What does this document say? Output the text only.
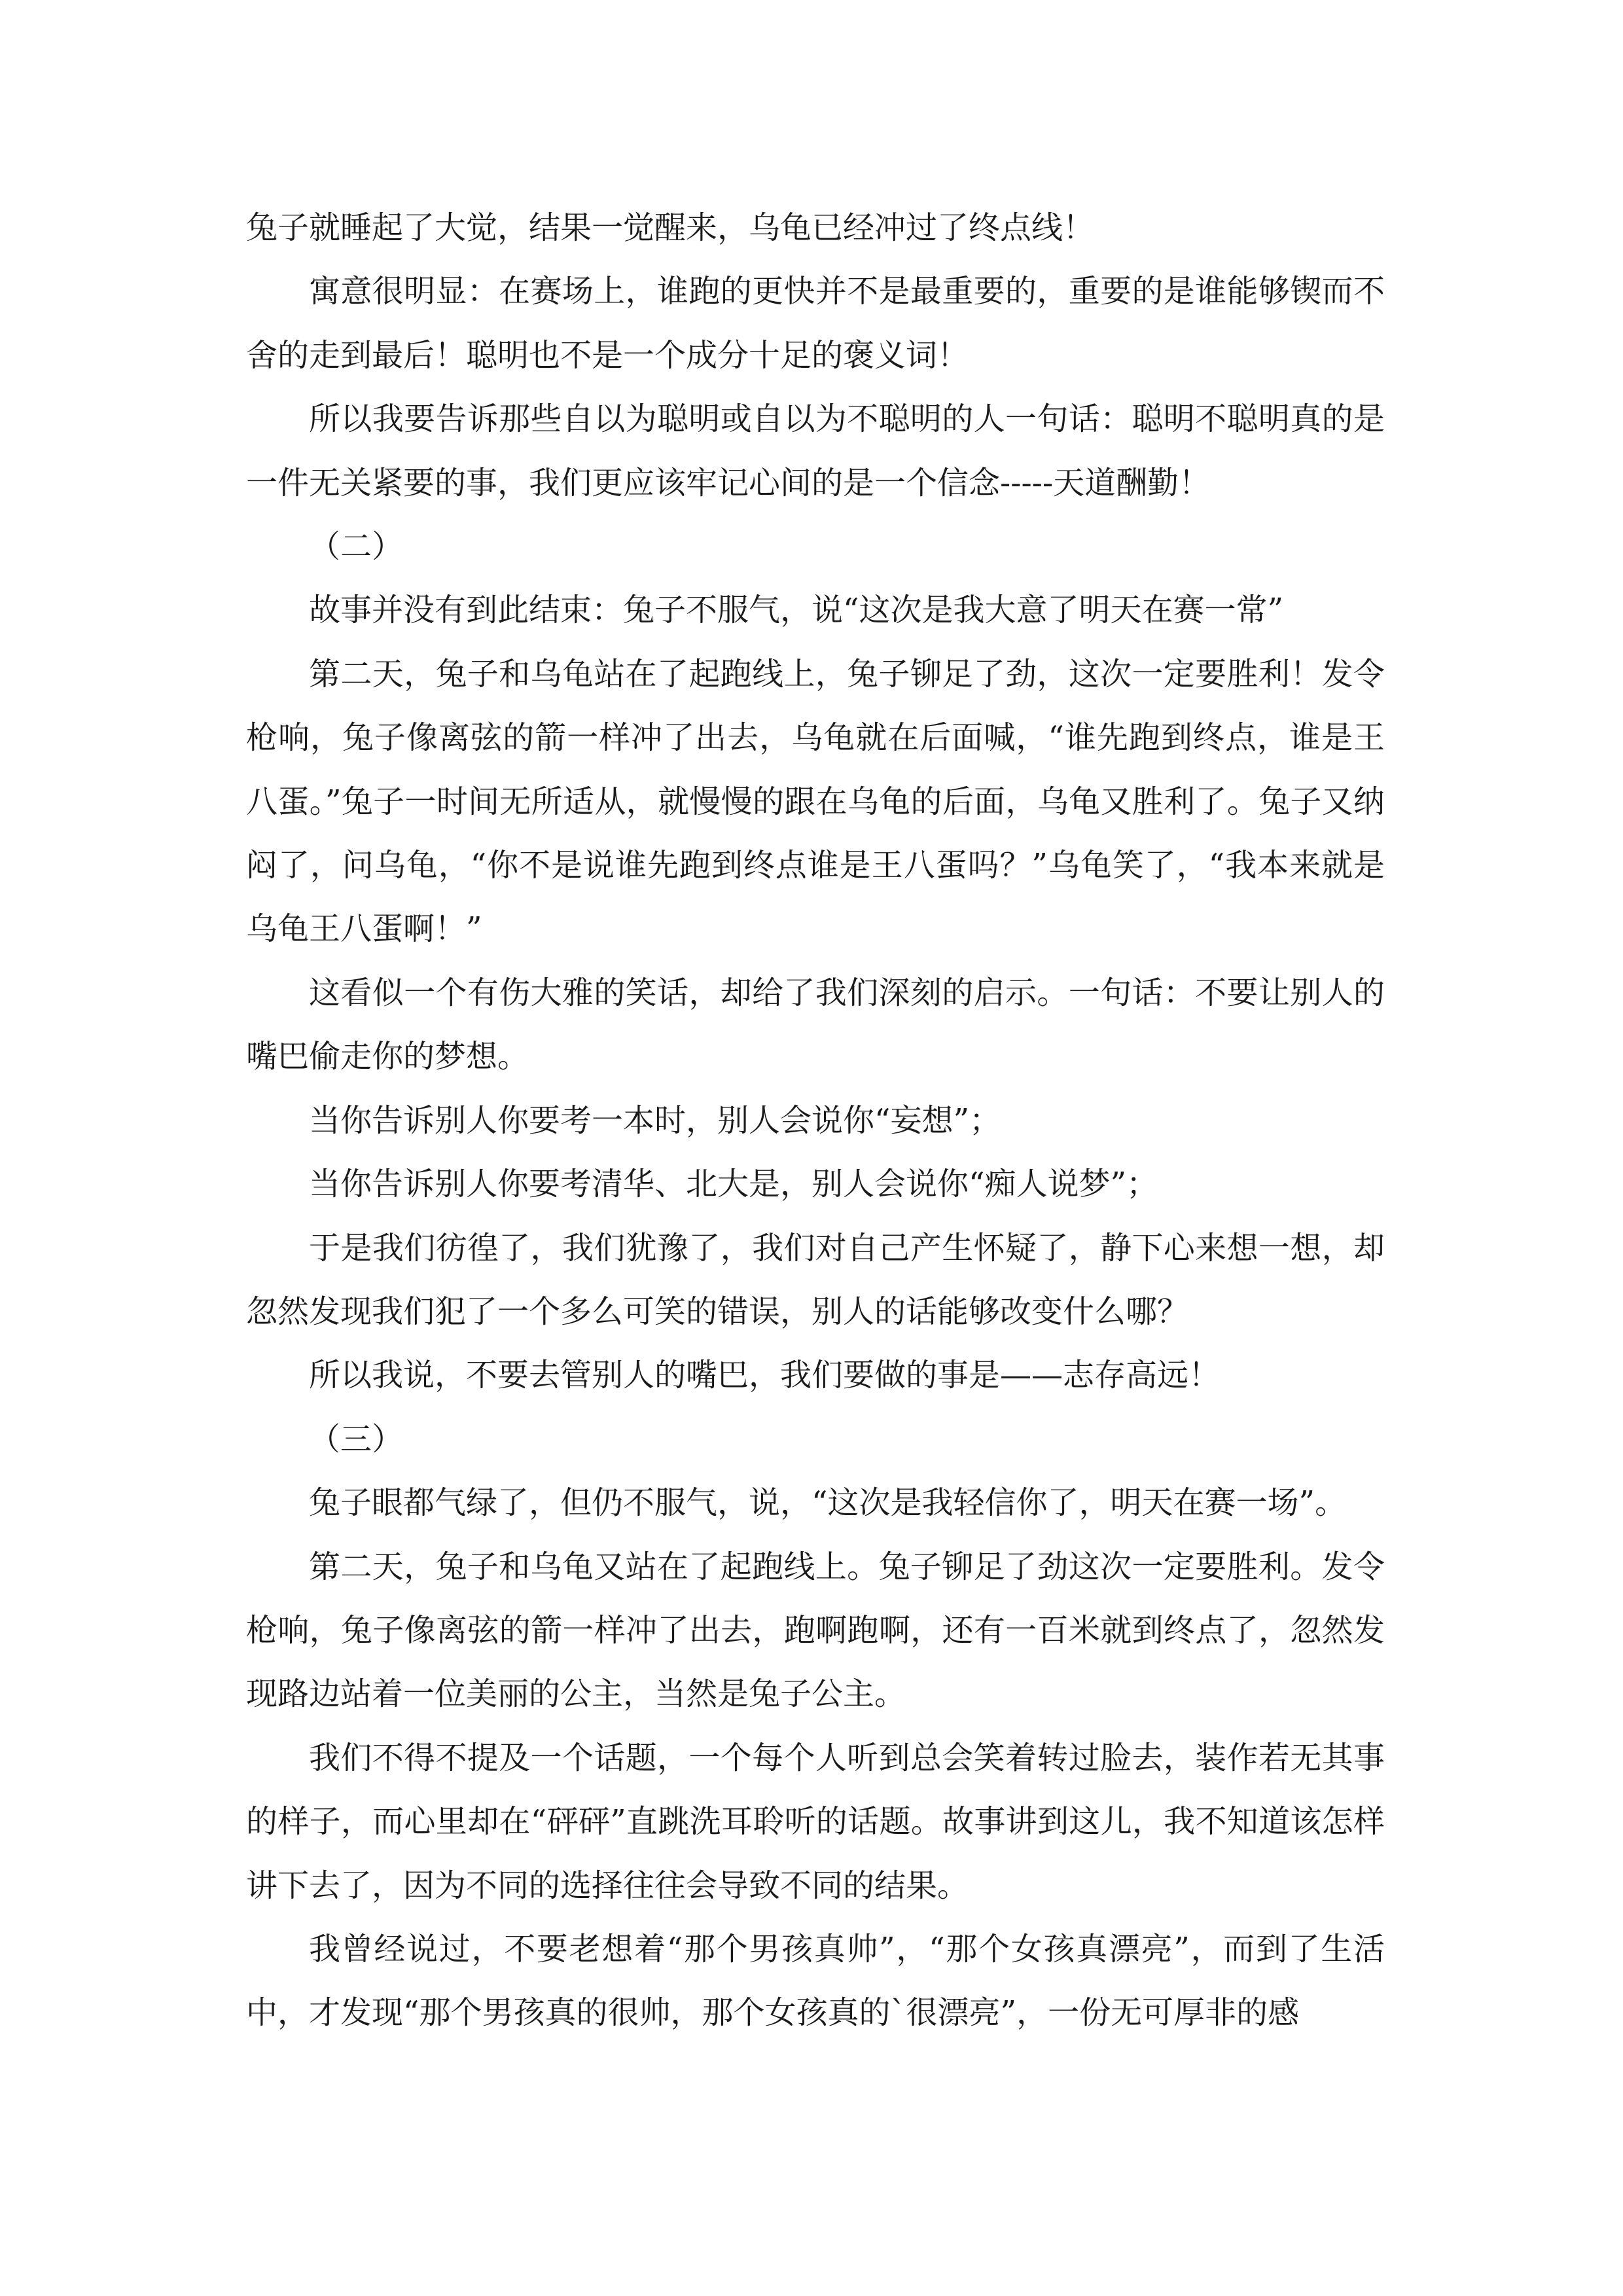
兔子就睡起了大觉，结果一觉醒来，乌龟已经冲过了终点线！

寓意很明显：在赛场上，谁跑的更快并不是最重要的，重要的是谁能够锲而不舍的走到最后！聪明也不是一个成分十足的褒义词！

所以我要告诉那些自以为聪明或自以为不聪明的人一句话：聪明不聪明真的是一件无关紧要的事，我们更应该牢记心间的是一个信念-----天道酬勤！

（二）

故事并没有到此结束：兔子不服气，说“这次是我大意了明天在赛一常”

第二天，兔子和乌龟站在了起跑线上，兔子铆足了劲，这次一定要胜利！发令枪响，兔子像离弦的箭一样冲了出去，乌龟就在后面喊，“谁先跑到终点，谁是王八蛋。”兔子一时间无所适从，就慢慢的跟在乌龟的后面，乌龟又胜利了。兔子又纳闷了，问乌龟，“你不是说谁先跑到终点谁是王八蛋吗？”乌龟笑了，“我本来就是乌龟王八蛋啊！”

这看似一个有伤大雅的笑话，却给了我们深刻的启示。一句话：不要让别人的嘴巴偷走你的梦想。

当你告诉别人你要考一本时，别人会说你“妄想”；

当你告诉别人你要考清华、北大是，别人会说你“痴人说梦”；

于是我们彷徨了，我们犹豫了，我们对自己产生怀疑了，静下心来想一想，却忽然发现我们犯了一个多么可笑的错误，别人的话能够改变什么哪？

所以我说，不要去管别人的嘴巴，我们要做的事是——志存高远！

（三）

兔子眼都气绿了，但仍不服气，说，“这次是我轻信你了，明天在赛一场”。

第二天，兔子和乌龟又站在了起跑线上。兔子铆足了劲这次一定要胜利。发令枪响，兔子像离弦的箭一样冲了出去，跑啊跑啊，还有一百米就到终点了，忽然发现路边站着一位美丽的公主，当然是兔子公主。

我们不得不提及一个话题，一个每个人听到总会笑着转过脸去，装作若无其事的样子，而心里却在“砰砰”直跳洗耳聆听的话题。故事讲到这儿，我不知道该怎样讲下去了，因为不同的选择往往会导致不同的结果。

我曾经说过，不要老想着“那个男孩真帅”，“那个女孩真漂亮”，而到了生活中，才发现“那个男孩真的很帅，那个女孩真的`很漂亮”，一份无可厚非的感
